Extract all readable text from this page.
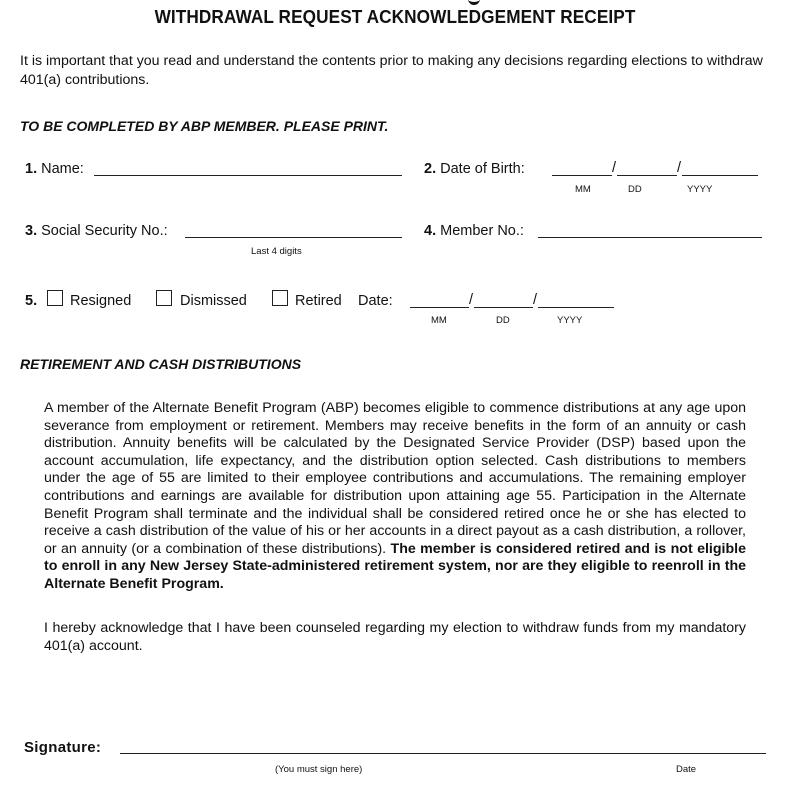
WITHDRAWAL REQUEST ACKNOWLEDGEMENT RECEIPT
It is important that you read and understand the contents prior to making any decisions regarding elections to withdraw 401(a) contributions.
TO BE COMPLETED BY ABP MEMBER. PLEASE PRINT.
1. Name:	2. Date of Birth:	/	/
MM	DD	YYYY
3. Social Security No.:
Last 4 digits
4. Member No.:
5. Resigned	Dismissed	Retired Date:	/	/
MM	DD	YYYY
RETIREMENT AND CASH DISTRIBUTIONS
A member of the Alternate Benefit Program (ABP) becomes eligible to commence distributions at any age upon severance from employment or retirement. Members may receive benefits in the form of an annuity or cash distribution. Annuity benefits will be calculated by the Designated Service Provider (DSP) based upon the account accumulation, life expectancy, and the distribution option selected. Cash distributions to members under the age of 55 are limited to their employee contributions and accumulations. The remaining employer contributions and earnings are available for distribution upon attaining age 55. Participation in the Alternate Benefit Program shall terminate and the individual shall be considered retired once he or she has elected to receive a cash distribution of the value of his or her accounts in a direct payout as a cash distribution, a rollover, or an annuity (or a combination of these distributions). The member is considered retired and is not eligible to enroll in any New Jersey State-administered retirement system, nor are they eligible to reenroll in the Alternate Benefit Program.
I hereby acknowledge that I have been counseled regarding my election to withdraw funds from my mandatory 401(a) account.
Signature:
(You must sign here)	Date
